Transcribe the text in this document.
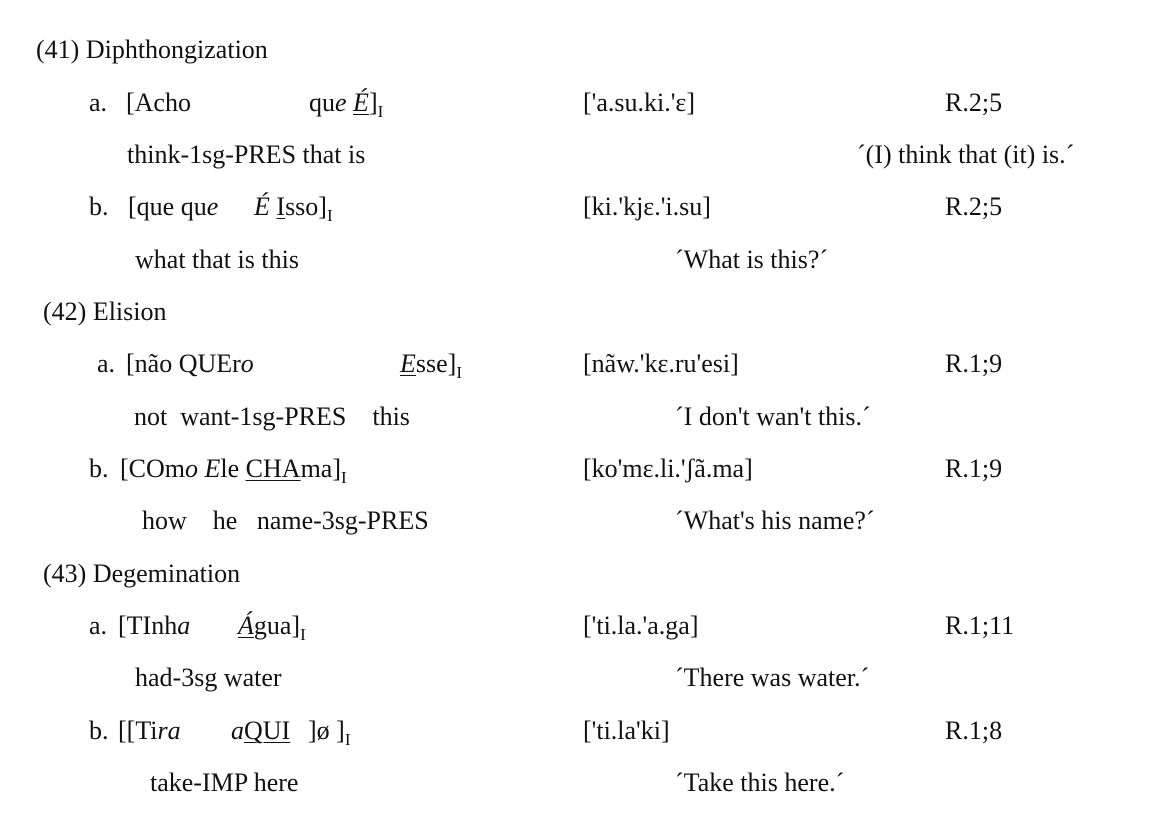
(41) Diphthongization
a. [Acho	que $É]_I$	['a.su.ki.'ɛ]	R.2;5
think-1sg-PRES that is	´(I) think that (it) is.´
b. [que que É $Isso]_I$	[ki.'kjɛ.'i.su]	R.2;5
what that is this	´What is this?´
(42) Elision
a. [não QUEro	$Esse]_I$	[nãw.'kɛ.ru'esi]	R.1;9
not  want-1sg-PRES    this	´I don't wan't this.´
b. [COmo Ele $CHAma]_I$	[ko'mɛ.li.'ʃã.ma]	R.1;9
how    he   name-3sg-PRES	´What's his name?´
(43) Degemination
a. [TInha $Água]_I$	['ti.la.'a.ga]	R.1;11
had-3sg water	´There was water.´
b. [[Tira aQUI ]ø ]$_I$	['ti.la'ki]	R.1;8
take-IMP here	´Take this here.´
